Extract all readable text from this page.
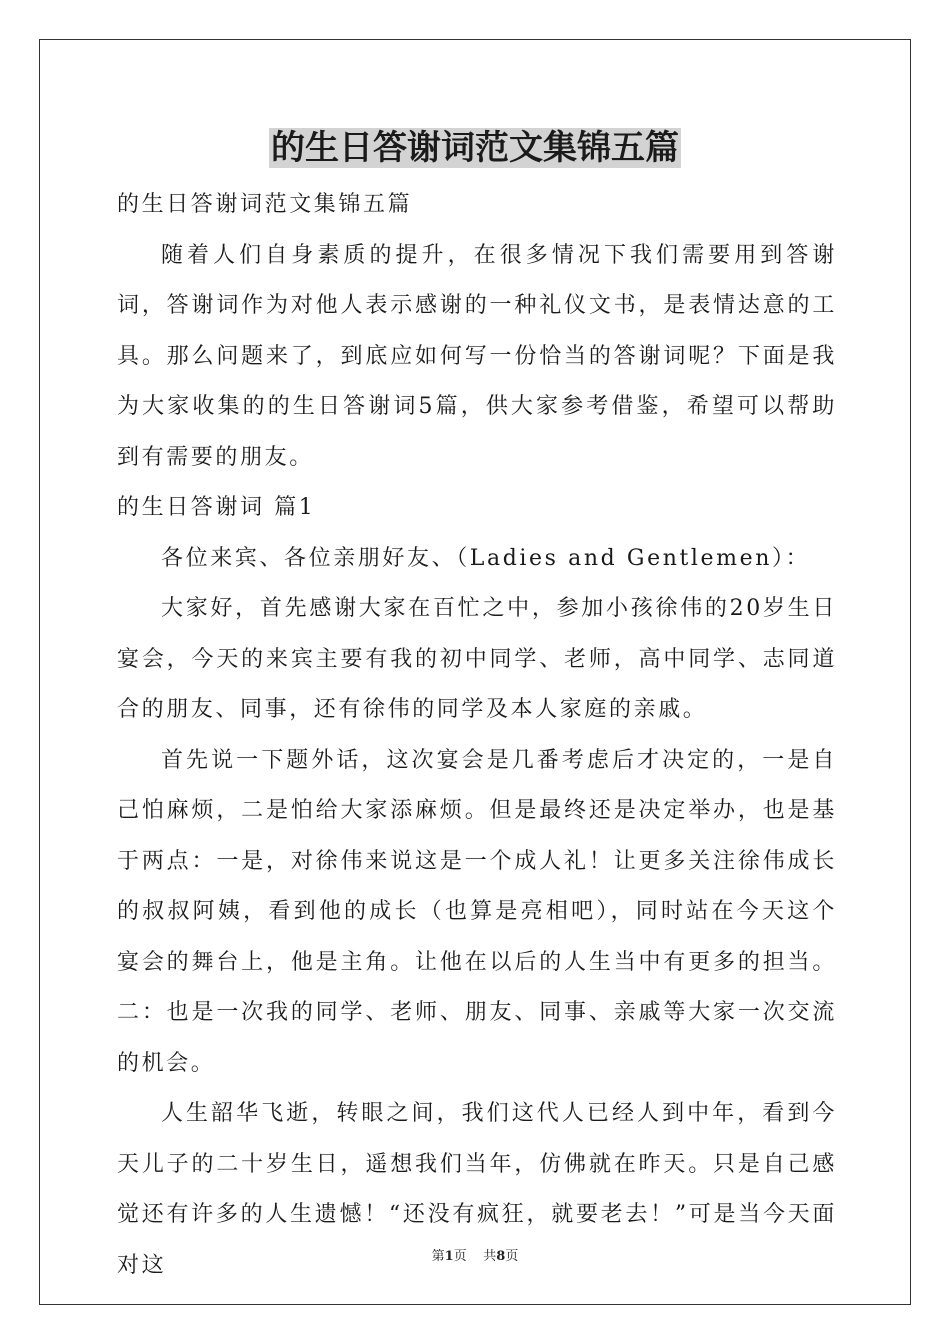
的生日答谢词范文集锦五篇

的生日答谢词范文集锦五篇

随着人们自身素质的提升，在很多情况下我们需要用到答谢词，答谢词作为对他人表示感谢的一种礼仪文书，是表情达意的工具。那么问题来了，到底应如何写一份恰当的答谢词呢？下面是我为大家收集的的生日答谢词5篇，供大家参考借鉴，希望可以帮助到有需要的朋友。

的生日答谢词 篇1

各位来宾、各位亲朋好友、（Ladies and Gentlemen）：

大家好，首先感谢大家在百忙之中，参加小孩徐伟的20岁生日宴会，今天的来宾主要有我的初中同学、老师，高中同学、志同道合的朋友、同事，还有徐伟的同学及本人家庭的亲戚。

首先说一下题外话，这次宴会是几番考虑后才决定的，一是自己怕麻烦，二是怕给大家添麻烦。但是最终还是决定举办，也是基于两点：一是，对徐伟来说这是一个成人礼！让更多关注徐伟成长的叔叔阿姨，看到他的成长（也算是亮相吧），同时站在今天这个宴会的舞台上，他是主角。让他在以后的人生当中有更多的担当。二：也是一次我的同学、老师、朋友、同事、亲戚等大家一次交流的机会。

人生韶华飞逝，转眼之间，我们这代人已经人到中年，看到今天儿子的二十岁生日，遥想我们当年，仿佛就在昨天。只是自己感觉还有许多的人生遗憾！“还没有疯狂，就要老去！”可是当今天面对这	第1页 共8页
